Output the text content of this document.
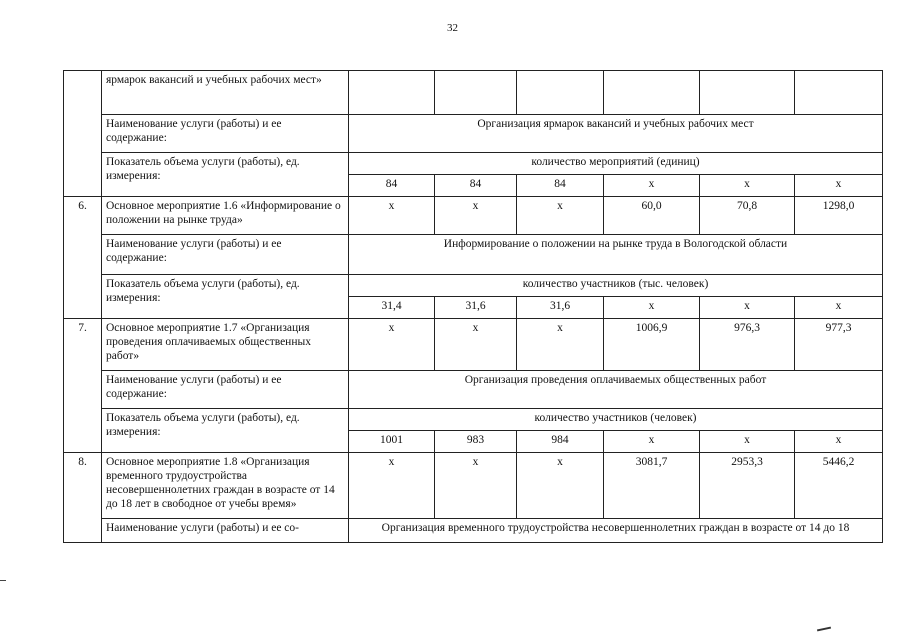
32
	ярмарок вакансий и учебных рабочих мест»						
	Наименование услуги (работы) и ее содержание:	Организация ярмарок вакансий и учебных рабочих мест					
	Показатель объема услуги (работы), ед. измерения:	количество мероприятий (единиц)					
		84	84	84	х	х	х
6.	Основное мероприятие 1.6 «Информирование о положении на рынке труда»	х	х	х	60,0	70,8	1298,0
	Наименование услуги (работы) и ее содержание:	Информирование о положении на рынке труда в Вологодской области					
	Показатель объема услуги (работы), ед. измерения:	количество участников (тыс. человек)					
		31,4	31,6	31,6	х	х	х
7.	Основное мероприятие 1.7 «Организация проведения оплачиваемых общественных работ»	х	х	х	1006,9	976,3	977,3
	Наименование услуги (работы) и ее содержание:	Организация проведения оплачиваемых общественных работ					
	Показатель объема услуги (работы), ед. измерения:	количество участников (человек)					
		1001	983	984	х	х	х
8.	Основное мероприятие 1.8 «Организация временного трудоустройства несовершеннолетних граждан в возрасте от 14 до 18 лет в свободное от учебы время»	х	х	х	3081,7	2953,3	5446,2
	Наименование услуги (работы) и ее со-	Организация временного трудоустройства несовершеннолетних граждан в возрасте от 14 до 18					
